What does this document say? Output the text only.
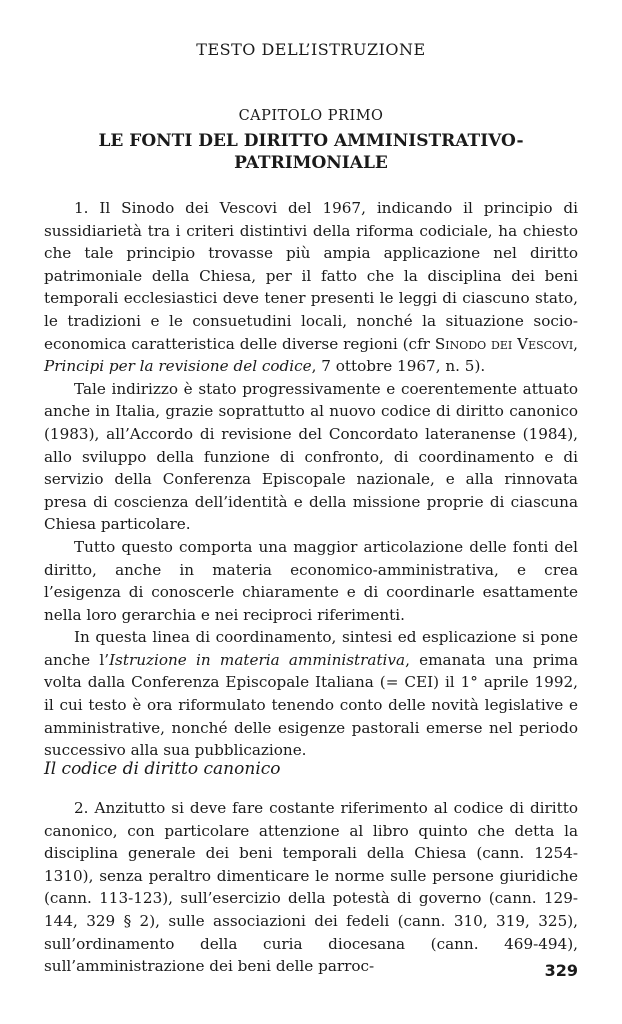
TESTO DELL’ISTRUZIONE
CAPITOLO PRIMO
LE FONTI DEL DIRITTO AMMINISTRATIVO-
PATRIMONIALE

1. Il Sinodo dei Vescovi del 1967, indicando il principio di sussidiarietà tra i criteri distintivi della riforma codiciale, ha chiesto che tale principio trovasse più ampia applicazione nel diritto patrimoniale della Chiesa, per il fatto che la disciplina dei beni temporali ecclesiastici deve tener presenti le leggi di ciascuno stato, le tradizioni e le consuetudini locali, nonché la situazione socio-economica caratteristica delle diverse regioni (cfr Sinodo dei Vescovi, Principi per la revisione del codice, 7 ottobre 1967, n. 5).

Tale indirizzo è stato progressivamente e coerentemente attuato anche in Italia, grazie soprattutto al nuovo codice di diritto canonico (1983), all’Accordo di revisione del Concordato lateranense (1984), allo sviluppo della funzione di confronto, di coordinamento e di servizio della Conferenza Episcopale nazionale, e alla rinnovata presa di coscienza dell’identità e della missione proprie di ciascuna Chiesa particolare.

Tutto questo comporta una maggior articolazione delle fonti del diritto, anche in materia economico-amministrativa, e crea l’esigenza di conoscerle chiaramente e di coordinarle esattamente nella loro gerarchia e nei reciproci riferimenti.

In questa linea di coordinamento, sintesi ed esplicazione si pone anche l’Istruzione in materia amministrativa, emanata una prima volta dalla Conferenza Episcopale Italiana (= CEI) il 1° aprile 1992, il cui testo è ora riformulato tenendo conto delle novità legislative e amministrative, nonché delle esigenze pastorali emerse nel periodo successivo alla sua pubblicazione.

Il codice di diritto canonico

2. Anzitutto si deve fare costante riferimento al codice di diritto canonico, con particolare attenzione al libro quinto che detta la disciplina generale dei beni temporali della Chiesa (cann. 1254-1310), senza peraltro dimenticare le norme sulle persone giuridiche (cann. 113-123), sull’esercizio della potestà di governo (cann. 129-144, 329 § 2), sulle associazioni dei fedeli (cann. 310, 319, 325), sull’ordinamento della curia diocesana (cann. 469-494), sull’amministrazione dei beni delle parroc-	329
